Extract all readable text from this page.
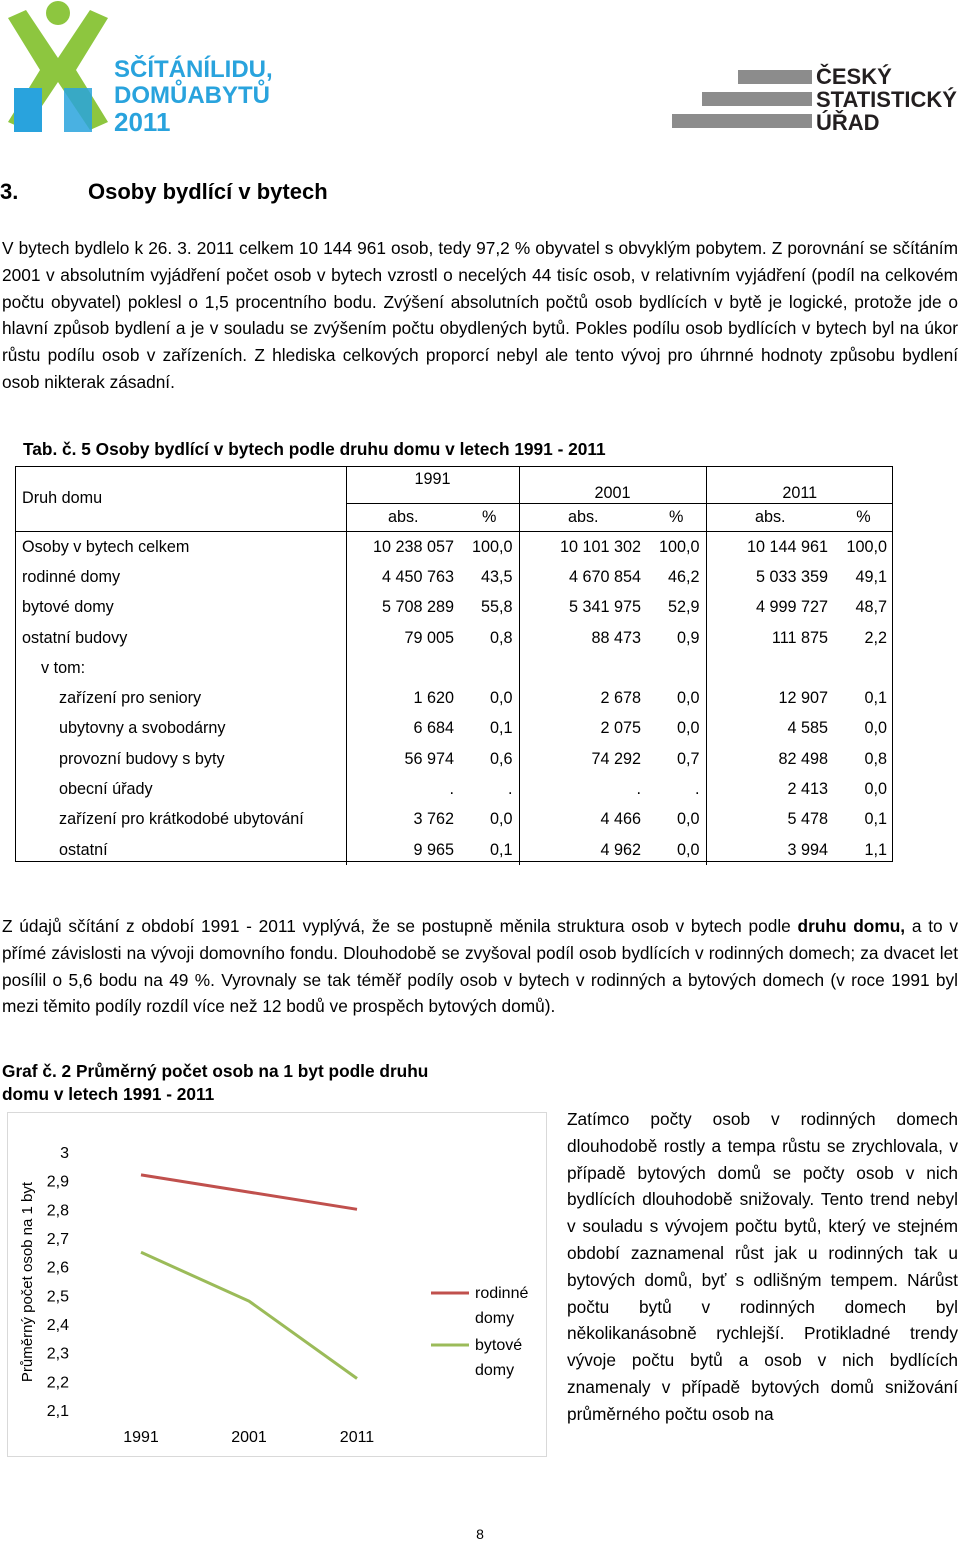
SČÍTÁNÍLIDU,
DOMŮABYTŮ
2011
ČESKÝ
STATISTICKÝ
ÚŘAD
3.	Osoby bydlící v bytech

V bytech bydlelo k 26. 3. 2011 celkem 10 144 961 osob, tedy 97,2 % obyvatel s obvyklým pobytem. Z porovnání se sčítáním 2001 v absolutním vyjádření počet osob v bytech vzrostl o necelých 44 tisíc osob, v relativním vyjádření (podíl na celkovém počtu obyvatel) poklesl o 1,5 procentního bodu. Zvýšení absolutních počtů osob bydlících v bytě je logické, protože jde o hlavní způsob bydlení a je v souladu se zvýšením počtu obydlených bytů. Pokles podílu osob bydlících v bytech byl na úkor růstu podílu osob v zařízeních. Z hlediska celkových proporcí nebyl ale tento vývoj pro úhrnné hodnoty způsobu bydlení osob nikterak zásadní.

Tab. č. 5 Osoby bydlící v bytech podle druhu domu v letech 1991 - 2011

Druh domu	1991		2001		2011	
	abs.	%	abs.	%	abs.	%
Osoby v bytech celkem	10 238 057	100,0	10 101 302	100,0	10 144 961	100,0
rodinné domy	4 450 763	43,5	4 670 854	46,2	5 033 359	49,1
bytové domy	5 708 289	55,8	5 341 975	52,9	4 999 727	48,7
ostatní budovy	79 005	0,8	88 473	0,9	111 875	2,2
v tom:						
zařízení pro seniory	1 620	0,0	2 678	0,0	12 907	0,1
ubytovny a svobodárny	6 684	0,1	2 075	0,0	4 585	0,0
provozní budovy s byty	56 974	0,6	74 292	0,7	82 498	0,8
obecní úřady	.	.	.	.	2 413	0,0
zařízení pro krátkodobé ubytování	3 762	0,0	4 466	0,0	5 478	0,1
ostatní	9 965	0,1	4 962	0,0	3 994	1,1

Z údajů sčítání z období 1991 - 2011 vyplývá, že se postupně měnila struktura osob v bytech podle druhu domu, a to v přímé závislosti na vývoji domovního fondu. Dlouhodobě se zvyšoval podíl osob bydlících v rodinných domech; za dvacet let posílil o 5,6 bodu na 49 %. Vyrovnaly se tak téměř podíly osob v bytech v rodinných a bytových domech (v roce 1991 byl mezi těmito podíly rozdíl více než 12 bodů ve prospěch bytových domů).

Graf č. 2 Průměrný počet osob na 1 byt podle druhu
domu v letech 1991 - 2011

Průměrný počet osob na 1 byt
3
2,9
2,8
2,7
2,6
2,5
2,4
2,3
2,2
2,1
1991	2001	2011
rodinné
domy
bytové
domy

Zatímco počty osob v rodinných domech dlouhodobě rostly a tempa růstu se zrychlovala, v případě bytových domů se počty osob v nich bydlících dlouhodobě snižovaly. Tento trend nebyl v souladu s vývojem počtu bytů, který ve stejném období zaznamenal růst jak u rodinných tak u bytových domů, byť s odlišným tempem. Nárůst počtu bytů v rodinných domech byl několikanásobně rychlejší. Protikladné trendy vývoje počtu bytů a osob v nich bydlících znamenaly v případě bytových domů snižování průměrného počtu osob na

8
